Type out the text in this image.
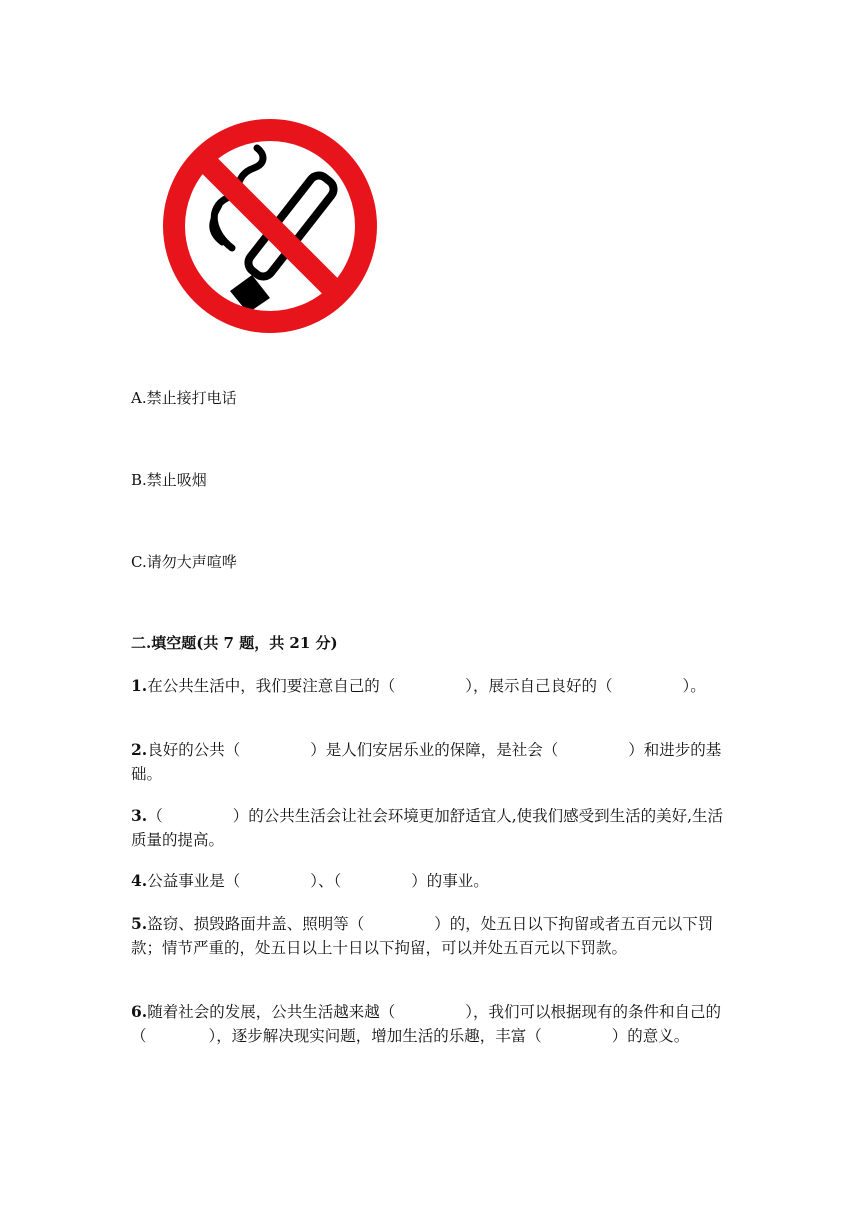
A.禁止接打电话
B.禁止吸烟
C.请勿大声喧哗
二.填空题(共 7 题，共 21 分)
1.在公共生活中，我们要注意自己的（	），展示自己良好的（	）。
2.良好的公共（	）是人们安居乐业的保障，是社会（	）和进步的基础。
3.（	）的公共生活会让社会环境更加舒适宜人,使我们感受到生活的美好,生活质量的提高。
4.公益事业是（	）、（	）的事业。
5.盗窃、损毁路面井盖、照明等（	）的，处五日以下拘留或者五百元以下罚款；情节严重的，处五日以上十日以下拘留，可以并处五百元以下罚款。
6.随着社会的发展，公共生活越来越（	），我们可以根据现有的条件和自己的（	），逐步解决现实问题，增加生活的乐趣，丰富（	）的意义。
